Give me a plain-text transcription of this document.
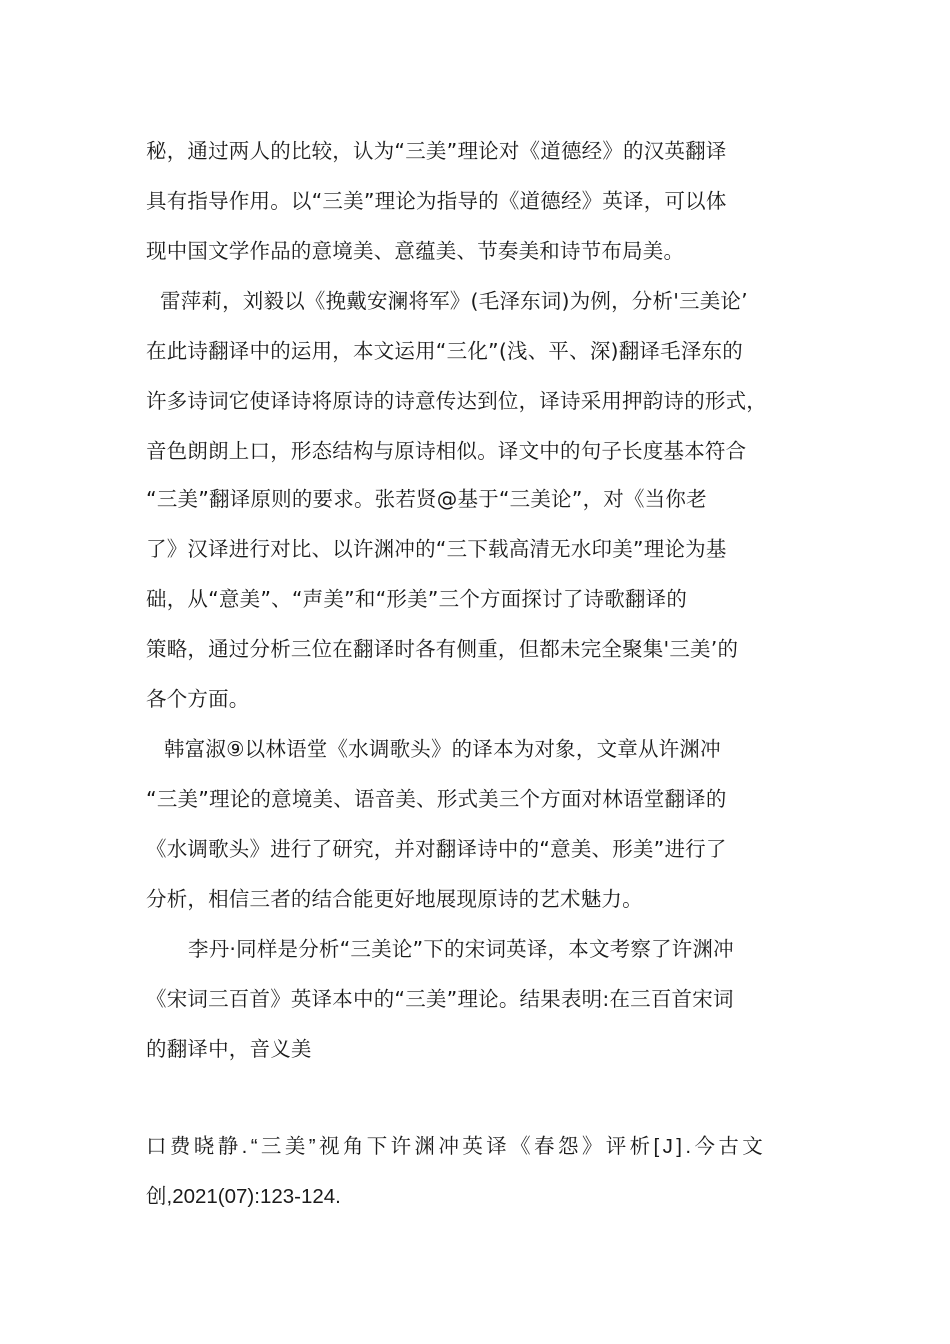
秘，通过两人的比较，认为“三美”理论对《道德经》的汉英翻译
具有指导作用。以“三美”理论为指导的《道德经》英译，可以体
现中国文学作品的意境美、意蕴美、节奏美和诗节布局美。
雷萍莉，刘毅以《挽戴安澜将军》(毛泽东词)为例，分析'三美论’
在此诗翻译中的运用，本文运用“三化”(浅、平、深)翻译毛泽东的
许多诗词它使译诗将原诗的诗意传达到位，译诗采用押韵诗的形式，
音色朗朗上口，形态结构与原诗相似。译文中的句子长度基本符合
“三美”翻译原则的要求。张若贤@基于“三美论”，对《当你老
了》汉译进行对比、以许渊冲的“三下载高清无水印美”理论为基
础，从“意美”、“声美”和“形美”三个方面探讨了诗歌翻译的
策略，通过分析三位在翻译时各有侧重，但都未完全聚集'三美’的
各个方面。
韩富淑⑨以林语堂《水调歌头》的译本为对象，文章从许渊冲
“三美”理论的意境美、语音美、形式美三个方面对林语堂翻译的
《水调歌头》进行了研究，并对翻译诗中的“意美、形美”进行了
分析，相信三者的结合能更好地展现原诗的艺术魅力。
李丹·同样是分析“三美论”下的宋词英译，本文考察了许渊冲
《宋词三百首》英译本中的“三美”理论。结果表明:在三百首宋词
的翻译中，音义美
口费晓静.“三美”视角下许渊冲英译《春怨》评析[J].今古文
创,2021(07):123-124.
